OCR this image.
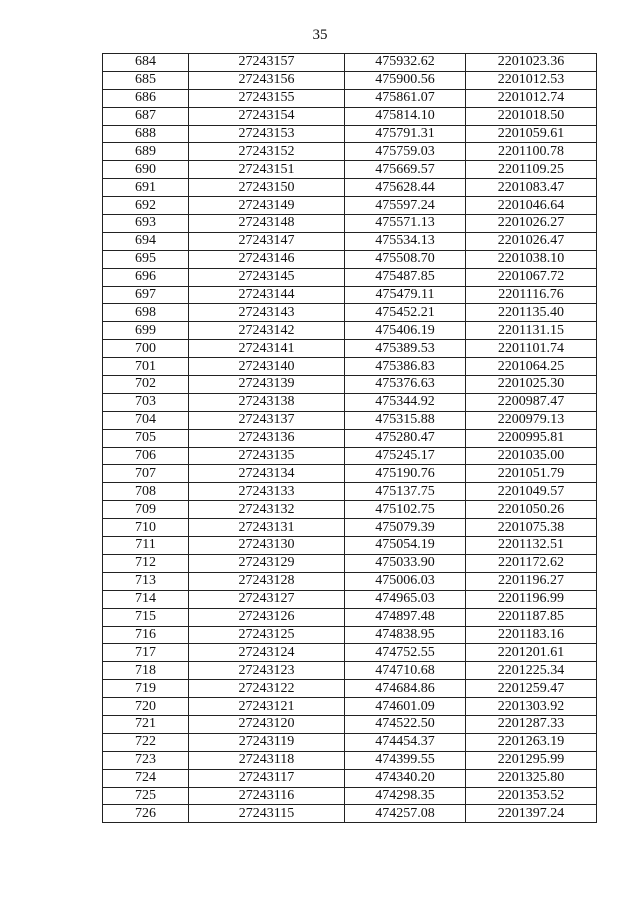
35
684	27243157	475932.62	2201023.36
685	27243156	475900.56	2201012.53
686	27243155	475861.07	2201012.74
687	27243154	475814.10	2201018.50
688	27243153	475791.31	2201059.61
689	27243152	475759.03	2201100.78
690	27243151	475669.57	2201109.25
691	27243150	475628.44	2201083.47
692	27243149	475597.24	2201046.64
693	27243148	475571.13	2201026.27
694	27243147	475534.13	2201026.47
695	27243146	475508.70	2201038.10
696	27243145	475487.85	2201067.72
697	27243144	475479.11	2201116.76
698	27243143	475452.21	2201135.40
699	27243142	475406.19	2201131.15
700	27243141	475389.53	2201101.74
701	27243140	475386.83	2201064.25
702	27243139	475376.63	2201025.30
703	27243138	475344.92	2200987.47
704	27243137	475315.88	2200979.13
705	27243136	475280.47	2200995.81
706	27243135	475245.17	2201035.00
707	27243134	475190.76	2201051.79
708	27243133	475137.75	2201049.57
709	27243132	475102.75	2201050.26
710	27243131	475079.39	2201075.38
711	27243130	475054.19	2201132.51
712	27243129	475033.90	2201172.62
713	27243128	475006.03	2201196.27
714	27243127	474965.03	2201196.99
715	27243126	474897.48	2201187.85
716	27243125	474838.95	2201183.16
717	27243124	474752.55	2201201.61
718	27243123	474710.68	2201225.34
719	27243122	474684.86	2201259.47
720	27243121	474601.09	2201303.92
721	27243120	474522.50	2201287.33
722	27243119	474454.37	2201263.19
723	27243118	474399.55	2201295.99
724	27243117	474340.20	2201325.80
725	27243116	474298.35	2201353.52
726	27243115	474257.08	2201397.24
